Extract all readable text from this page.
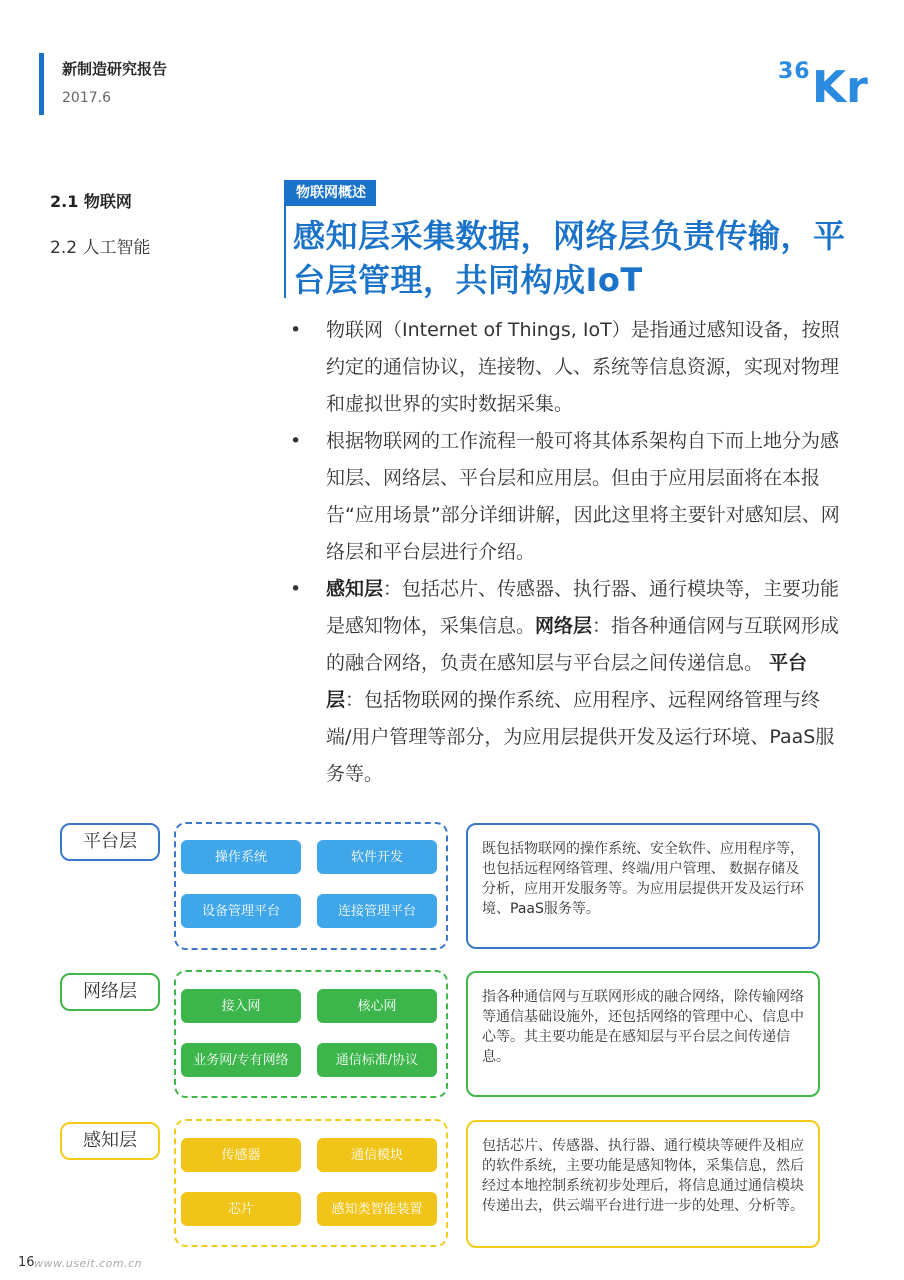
新制造研究报告
2017.6
36 Kr
2.1 物联网
2.2 人工智能
物联网概述
感知层采集数据，网络层负责传输，平台层管理，共同构成IoT
• 物联网（Internet of Things, IoT）是指通过感知设备，按照约定的通信协议，连接物、人、系统等信息资源，实现对物理和虚拟世界的实时数据采集。
• 根据物联网的工作流程一般可将其体系架构自下而上地分为感知层、网络层、平台层和应用层。但由于应用层面将在本报告“应用场景”部分详细讲解，因此这里将主要针对感知层、网络层和平台层进行介绍。
• 感知层：包括芯片、传感器、执行器、通行模块等，主要功能是感知物体，采集信息。网络层：指各种通信网与互联网形成的融合网络，负责在感知层与平台层之间传递信息。 平台层：包括物联网的操作系统、应用程序、远程网络管理与终端/用户管理等部分，为应用层提供开发及运行环境、PaaS服务等。
平台层
操作系统	软件开发
设备管理平台	连接管理平台
既包括物联网的操作系统、安全软件、应用程序等，也包括远程网络管理、终端/用户管理、 数据存储及分析，应用开发服务等。为应用层提供开发及运行环境、PaaS服务等。
网络层
接入网	核心网
业务网/专有网络	通信标准/协议
指各种通信网与互联网形成的融合网络，除传输网络等通信基础设施外，还包括网络的管理中心、信息中心等。其主要功能是在感知层与平台层之间传递信息。
感知层
传感器	通信模块
芯片	感知类智能装置
包括芯片、传感器、执行器、通行模块等硬件及相应的软件系统，主要功能是感知物体，采集信息，然后经过本地控制系统初步处理后，将信息通过通信模块传递出去，供云端平台进行进一步的处理、分析等。
16 www.useit.com.cn
